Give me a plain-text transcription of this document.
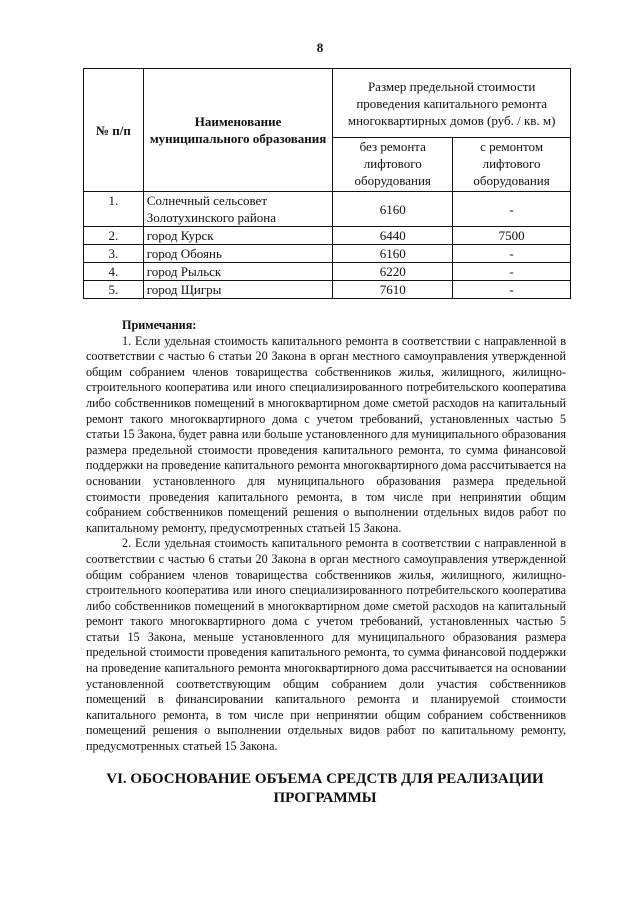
8
№ п/п	Наименование муниципального образования	Размер предельной стоимости проведения капитального ремонта многоквартирных домов (руб. / кв. м)	
		без ремонта лифтового оборудования	с ремонтом лифтового оборудования
1.	Солнечный сельсовет Золотухинского района	6160	-
2.	город Курск	6440	7500
3.	город Обоянь	6160	-
4.	город Рыльск	6220	-
5.	город Щигры	7610	-
Примечания:

1. Если удельная стоимость капитального ремонта в соответствии с направленной в соответствии с частью 6 статьи 20 Закона в орган местного самоуправления утвержденной общим собранием членов товарищества собственников жилья, жилищного, жилищно-строительного кооператива или иного специализированного потребительского кооператива либо собственников помещений в многоквартирном доме сметой расходов на капитальный ремонт такого многоквартирного дома с учетом требований, установленных частью 5 статьи 15 Закона, будет равна или больше установленного для муниципального образования размера предельной стоимости проведения капитального ремонта, то сумма финансовой поддержки на проведение капитального ремонта многоквартирного дома рассчитывается на основании установленного для муниципального образования размера предельной стоимости проведения капитального ремонта, в том числе при непринятии общим собранием собственников помещений решения о выполнении отдельных видов работ по капитальному ремонту, предусмотренных статьей 15 Закона.

2. Если удельная стоимость капитального ремонта в соответствии с направленной в соответствии с частью 6 статьи 20 Закона в орган местного самоуправления утвержденной общим собранием членов товарищества собственников жилья, жилищного, жилищно-строительного кооператива или иного специализированного потребительского кооператива либо собственников помещений в многоквартирном доме сметой расходов на капитальный ремонт такого многоквартирного дома с учетом требований, установленных частью 5 статьи 15 Закона, меньше установленного для муниципального образования размера предельной стоимости проведения капитального ремонта, то сумма финансовой поддержки на проведение капитального ремонта многоквартирного дома рассчитывается на основании установленной соответствующим общим собранием доли участия собственников помещений в финансировании капитального ремонта и планируемой стоимости капитального ремонта, в том числе при непринятии общим собранием собственников помещений решения о выполнении отдельных видов работ по капитальному ремонту, предусмотренных статьей 15 Закона.

VI. ОБОСНОВАНИЕ ОБЪЕМА СРЕДСТВ ДЛЯ РЕАЛИЗАЦИИ
ПРОГРАММЫ
